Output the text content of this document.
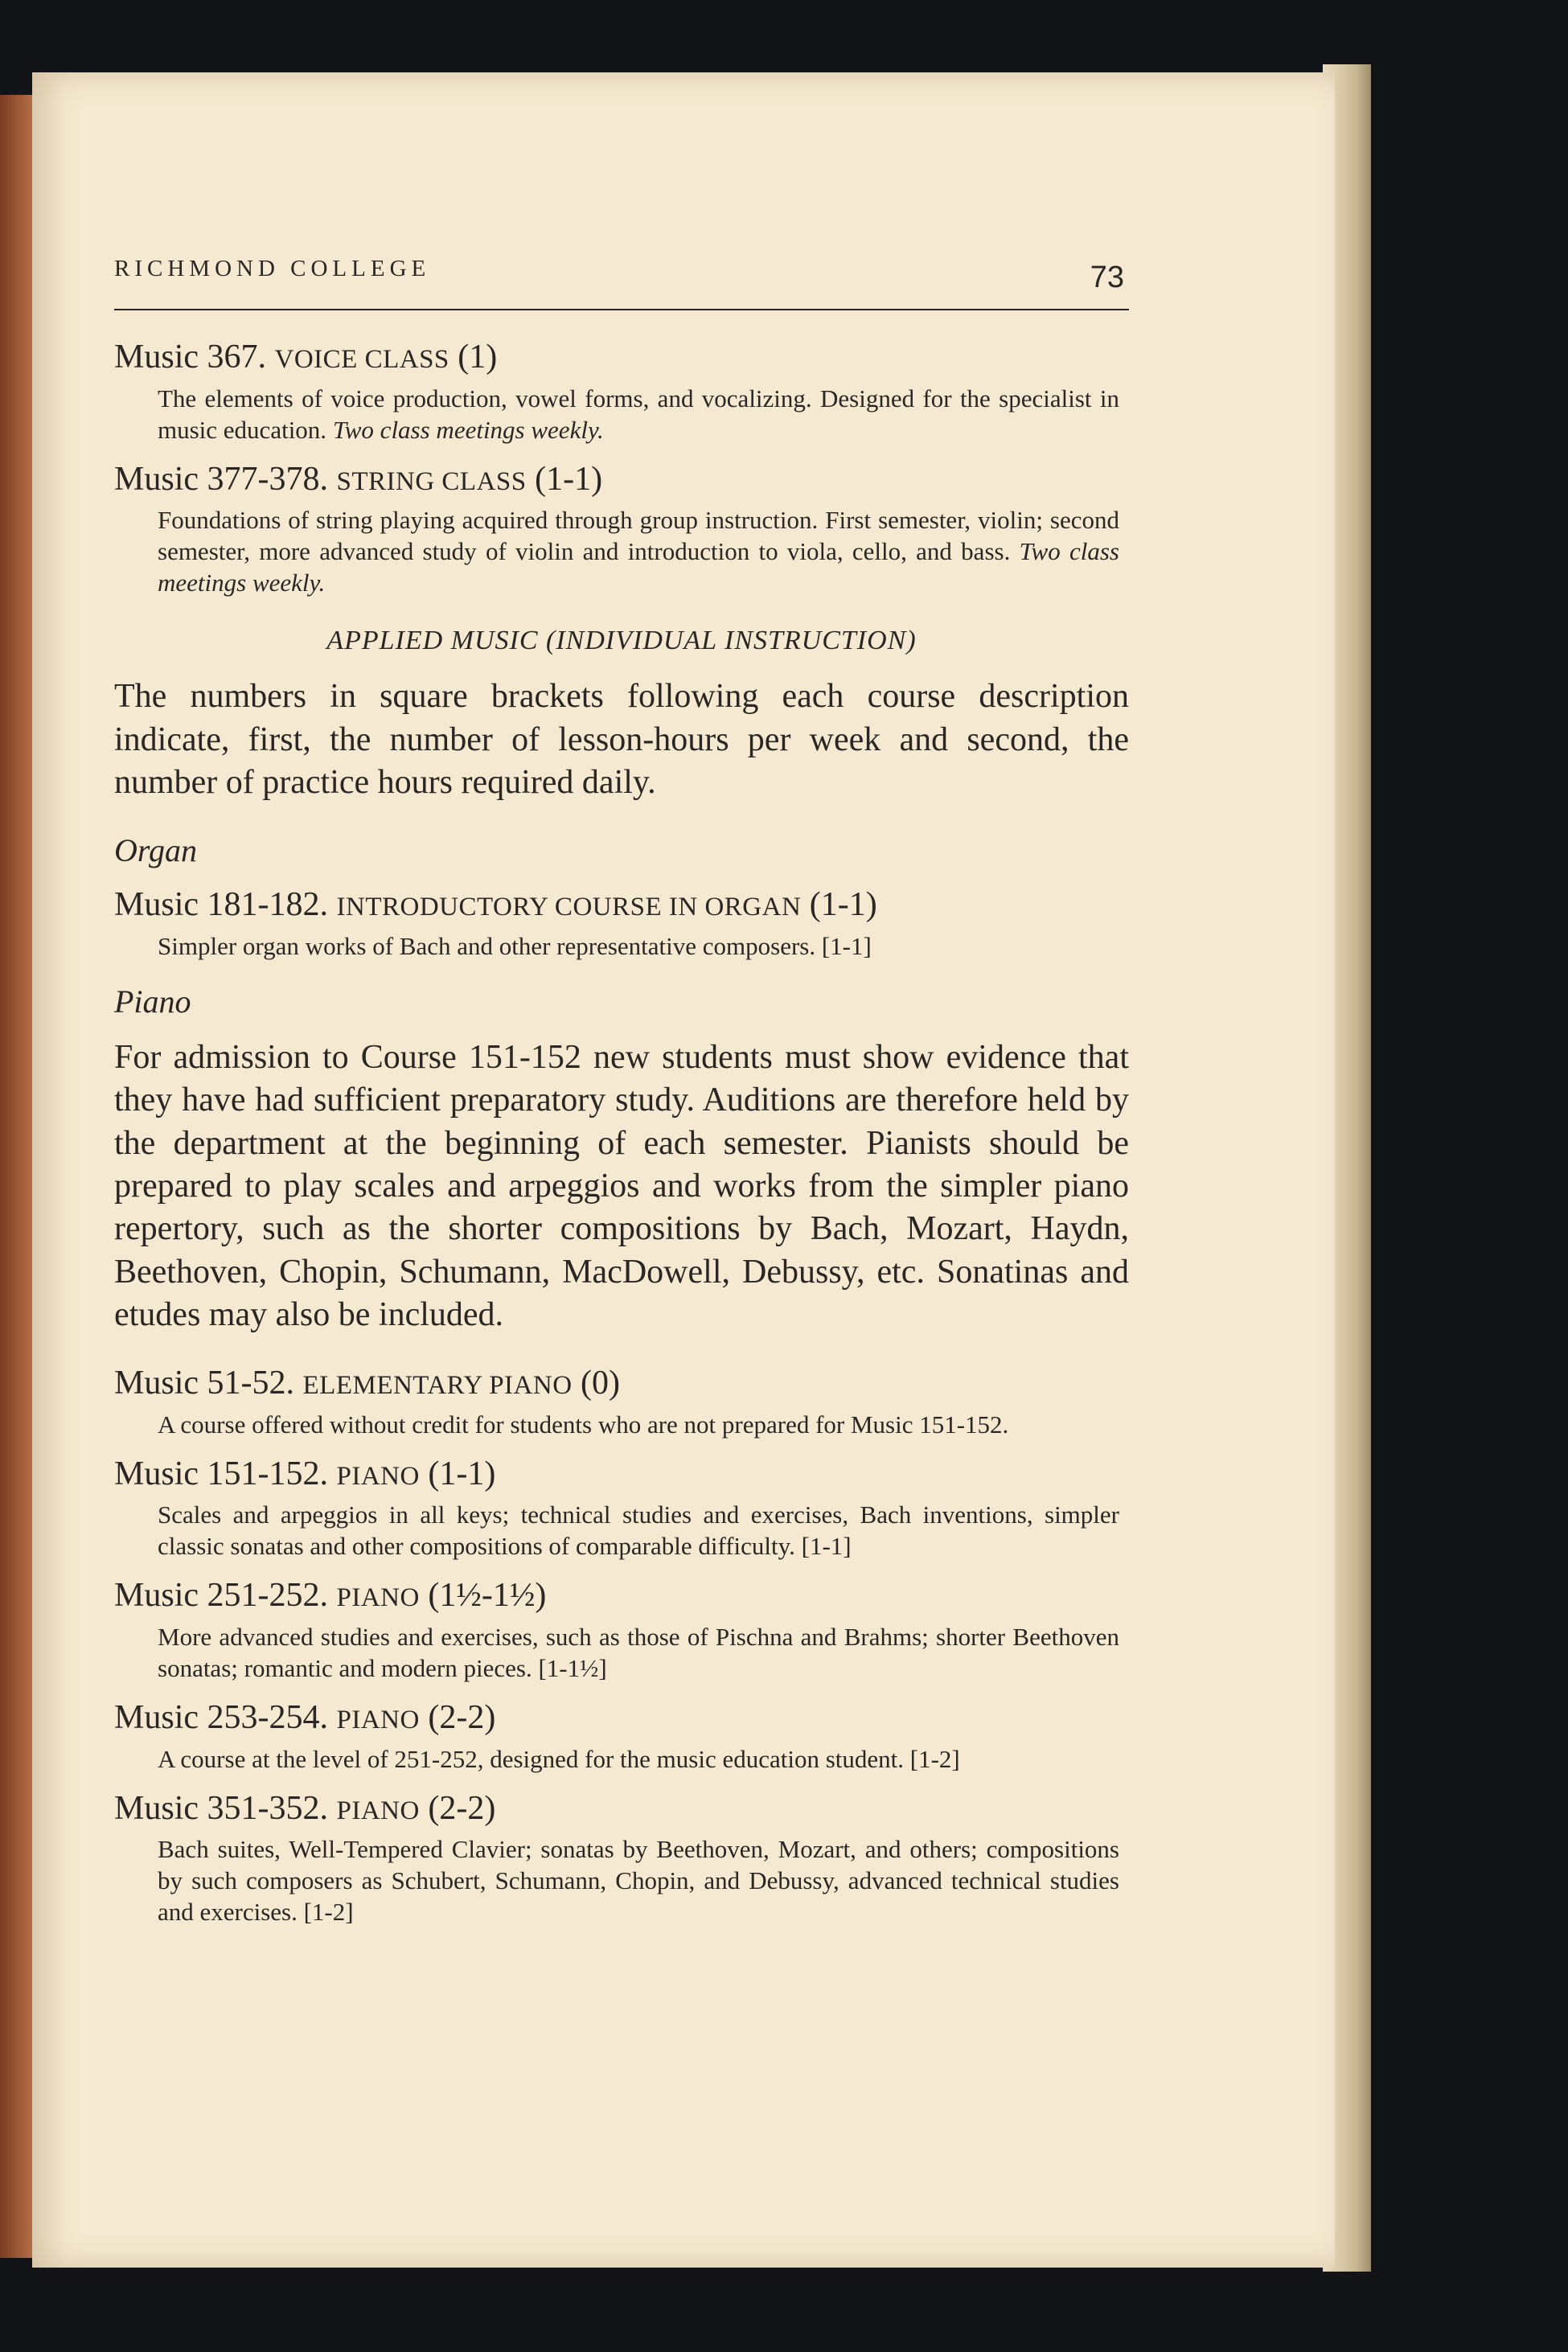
RICHMOND COLLEGE	73

Music 367. VOICE CLASS (1)

The elements of voice production, vowel forms, and vocalizing. Designed for the specialist in music education. Two class meetings weekly.

Music 377-378. STRING CLASS (1-1)

Foundations of string playing acquired through group instruction. First semester, violin; second semester, more advanced study of violin and introduction to viola, cello, and bass. Two class meetings weekly.

APPLIED MUSIC (INDIVIDUAL INSTRUCTION)

The numbers in square brackets following each course description indicate, first, the number of lesson-hours per week and second, the number of practice hours required daily.

Organ

Music 181-182. INTRODUCTORY COURSE IN ORGAN (1-1)

Simpler organ works of Bach and other representative composers. [1-1]

Piano

For admission to Course 151-152 new students must show evidence that they have had sufficient preparatory study. Auditions are therefore held by the department at the beginning of each semester. Pianists should be prepared to play scales and arpeggios and works from the simpler piano repertory, such as the shorter compositions by Bach, Mozart, Haydn, Beethoven, Chopin, Schumann, MacDowell, Debussy, etc. Sonatinas and etudes may also be included.

Music 51-52. ELEMENTARY PIANO (0)

A course offered without credit for students who are not prepared for Music 151-152.

Music 151-152. PIANO (1-1)

Scales and arpeggios in all keys; technical studies and exercises, Bach inventions, simpler classic sonatas and other compositions of comparable difficulty. [1-1]

Music 251-252. PIANO (1½-1½)

More advanced studies and exercises, such as those of Pischna and Brahms; shorter Beethoven sonatas; romantic and modern pieces. [1-1½]

Music 253-254. PIANO (2-2)

A course at the level of 251-252, designed for the music education student. [1-2]

Music 351-352. PIANO (2-2)

Bach suites, Well-Tempered Clavier; sonatas by Beethoven, Mozart, and others; compositions by such composers as Schubert, Schumann, Chopin, and Debussy, advanced technical studies and exercises. [1-2]
